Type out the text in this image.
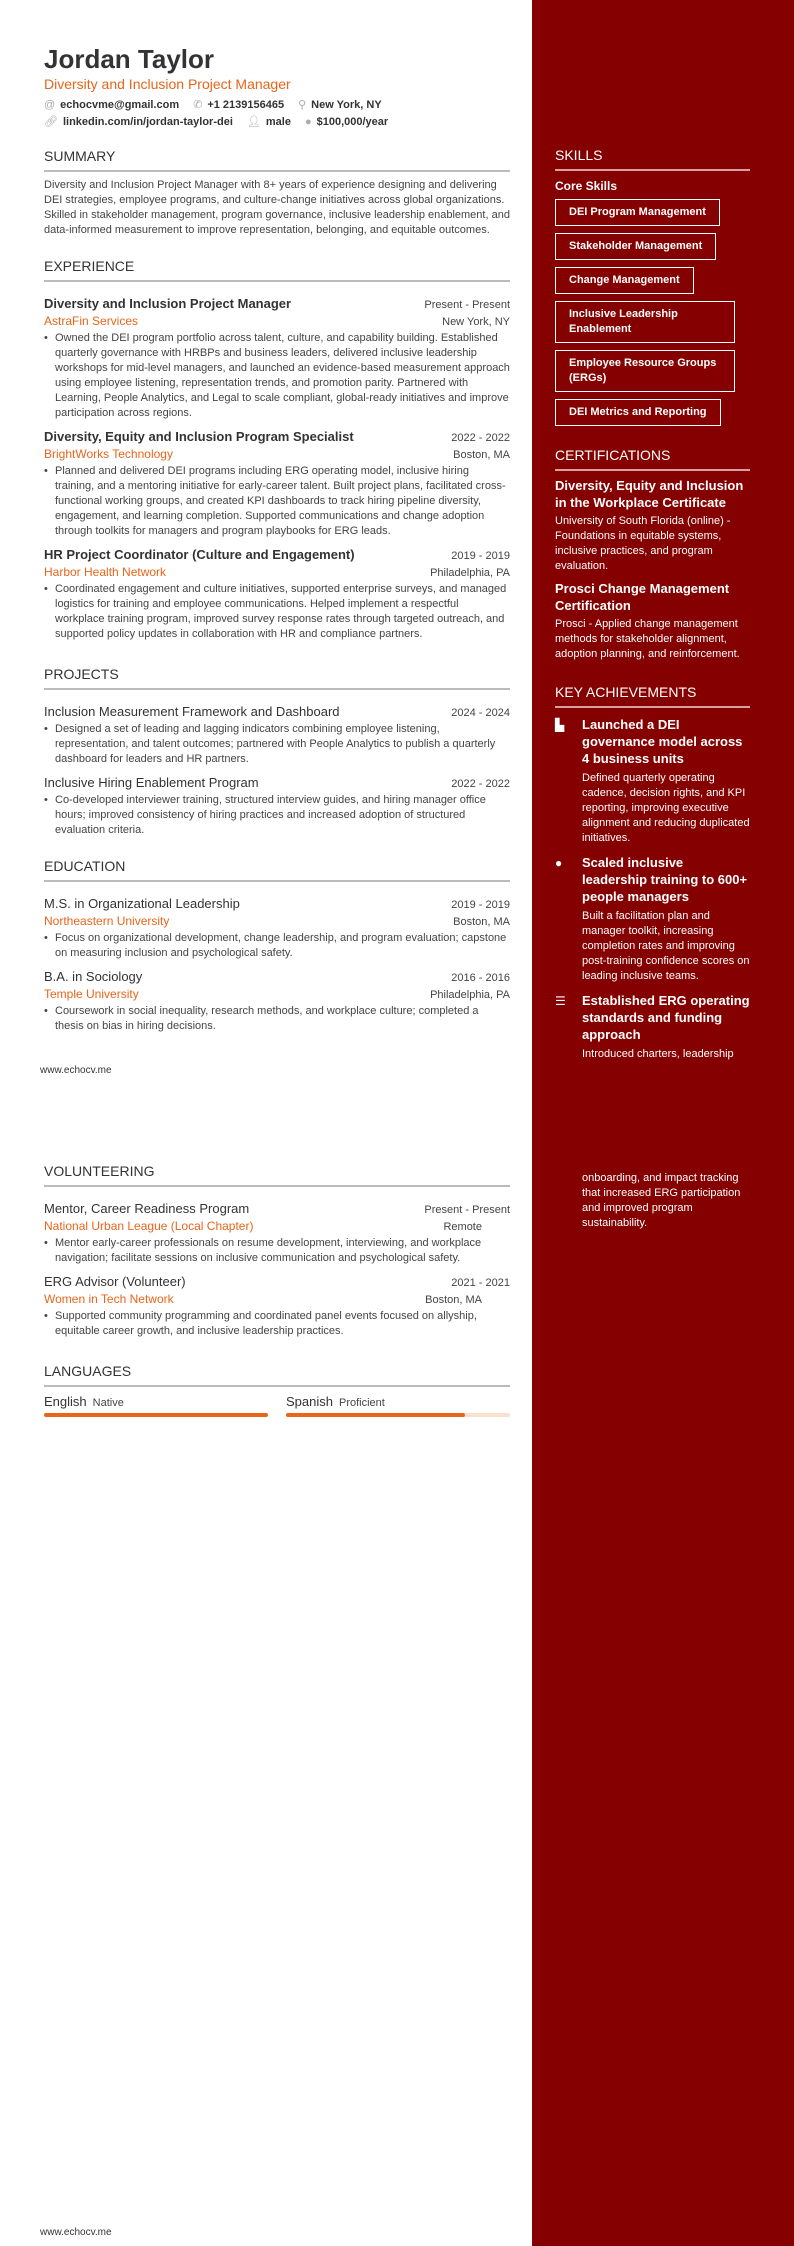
Jordan Taylor
Diversity and Inclusion Project Manager
@ echocvme@gmail.com ✆ +1 2139156465 ⚲ New York, NY
🔗︎ linkedin.com/in/jordan-taylor-dei 👤︎ male ● $100,000/year
SUMMARY
Diversity and Inclusion Project Manager with 8+ years of experience designing and delivering DEI strategies, employee programs, and culture-change initiatives across global organizations. Skilled in stakeholder management, program governance, inclusive leadership enablement, and data-informed measurement to improve representation, belonging, and equitable outcomes.
EXPERIENCE
Diversity and Inclusion Project Manager	Present - Present
AstraFin Services	New York, NY
• Owned the DEI program portfolio across talent, culture, and capability building. Established quarterly governance with HRBPs and business leaders, delivered inclusive leadership workshops for mid-level managers, and launched an evidence-based measurement approach using employee listening, representation trends, and promotion parity. Partnered with Learning, People Analytics, and Legal to scale compliant, global-ready initiatives and improve participation across regions.
Diversity, Equity and Inclusion Program Specialist	2022 - 2022
BrightWorks Technology	Boston, MA
• Planned and delivered DEI programs including ERG operating model, inclusive hiring training, and a mentoring initiative for early-career talent. Built project plans, facilitated cross-functional working groups, and created KPI dashboards to track hiring pipeline diversity, engagement, and learning completion. Supported communications and change adoption through toolkits for managers and program playbooks for ERG leads.
HR Project Coordinator (Culture and Engagement)	2019 - 2019
Harbor Health Network	Philadelphia, PA
• Coordinated engagement and culture initiatives, supported enterprise surveys, and managed logistics for training and employee communications. Helped implement a respectful workplace training program, improved survey response rates through targeted outreach, and supported policy updates in collaboration with HR and compliance partners.
PROJECTS
Inclusion Measurement Framework and Dashboard	2024 - 2024
• Designed a set of leading and lagging indicators combining employee listening, representation, and talent outcomes; partnered with People Analytics to publish a quarterly dashboard for leaders and HR partners.
Inclusive Hiring Enablement Program	2022 - 2022
• Co-developed interviewer training, structured interview guides, and hiring manager office hours; improved consistency of hiring practices and increased adoption of structured evaluation criteria.
EDUCATION
M.S. in Organizational Leadership	2019 - 2019
Northeastern University	Boston, MA
• Focus on organizational development, change leadership, and program evaluation; capstone on measuring inclusion and psychological safety.
B.A. in Sociology	2016 - 2016
Temple University	Philadelphia, PA
• Coursework in social inequality, research methods, and workplace culture; completed a thesis on bias in hiring decisions.
www.echocv.me
SKILLS
Core Skills
DEI Program Management
Stakeholder Management
Change Management
Inclusive Leadership Enablement
Employee Resource Groups (ERGs)
DEI Metrics and Reporting
CERTIFICATIONS
Diversity, Equity and Inclusion in the Workplace Certificate
University of South Florida (online) - Foundations in equitable systems, inclusive practices, and program evaluation.
Prosci Change Management Certification
Prosci - Applied change management methods for stakeholder alignment, adoption planning, and reinforcement.
KEY ACHIEVEMENTS
▙	Launched a DEI governance model across 4 business units
Defined quarterly operating cadence, decision rights, and KPI reporting, improving executive alignment and reducing duplicated initiatives.
●	Scaled inclusive leadership training to 600+ people managers
Built a facilitation plan and manager toolkit, increasing completion rates and improving post-training confidence scores on leading inclusive teams.
☰	Established ERG operating standards and funding approach
Introduced charters, leadership
VOLUNTEERING
Mentor, Career Readiness Program	Present - Present
National Urban League (Local Chapter)	Remote
• Mentor early-career professionals on resume development, interviewing, and workplace navigation; facilitate sessions on inclusive communication and psychological safety.
ERG Advisor (Volunteer)	2021 - 2021
Women in Tech Network	Boston, MA
• Supported community programming and coordinated panel events focused on allyship, equitable career growth, and inclusive leadership practices.
LANGUAGES
English Native	Spanish Proficient
onboarding, and impact tracking that increased ERG participation and improved program sustainability.
www.echocv.me
